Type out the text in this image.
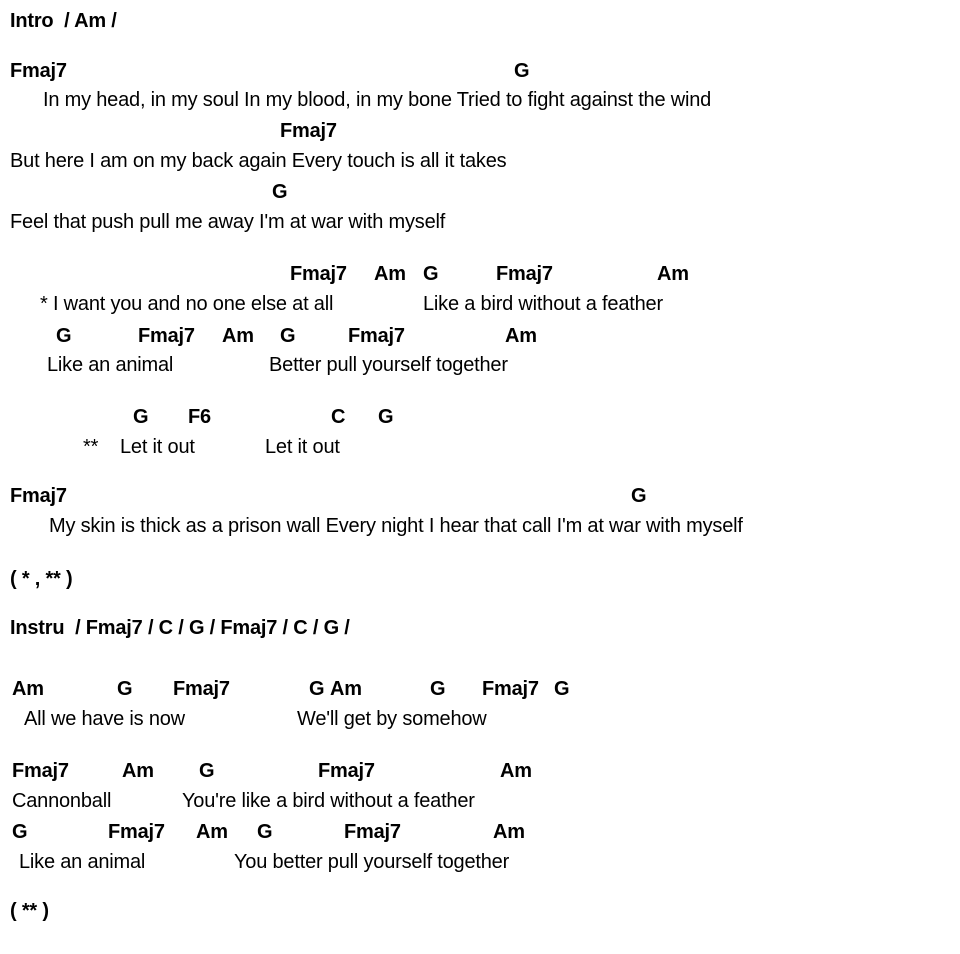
Intro  / Am /
Fmaj7	G
In my head, in my soul In my blood, in my bone Tried to fight against the wind
Fmaj7
But here I am on my back again Every touch is all it takes
G
Feel that push pull me away I'm at war with myself
Fmaj7 Am G	Fmaj7	Am
* I want you and no one else at all	Like a bird without a feather
G	Fmaj7 Am G	Fmaj7	Am
Like an animal	Better pull yourself together
G F6	C G
** Let it out	Let it out
Fmaj7	G
My skin is thick as a prison wall Every night I hear that call I'm at war with myself
( * , ** )
Instru  / Fmaj7 / C / G / Fmaj7 / C / G /
Am	G Fmaj7	G Am	G Fmaj7 G
All we have is now	We'll get by somehow
Fmaj7	Am G	Fmaj7	Am
Cannonball	You're like a bird without a feather
G	Fmaj7 Am G	Fmaj7	Am
Like an animal	You better pull yourself together
( ** )
